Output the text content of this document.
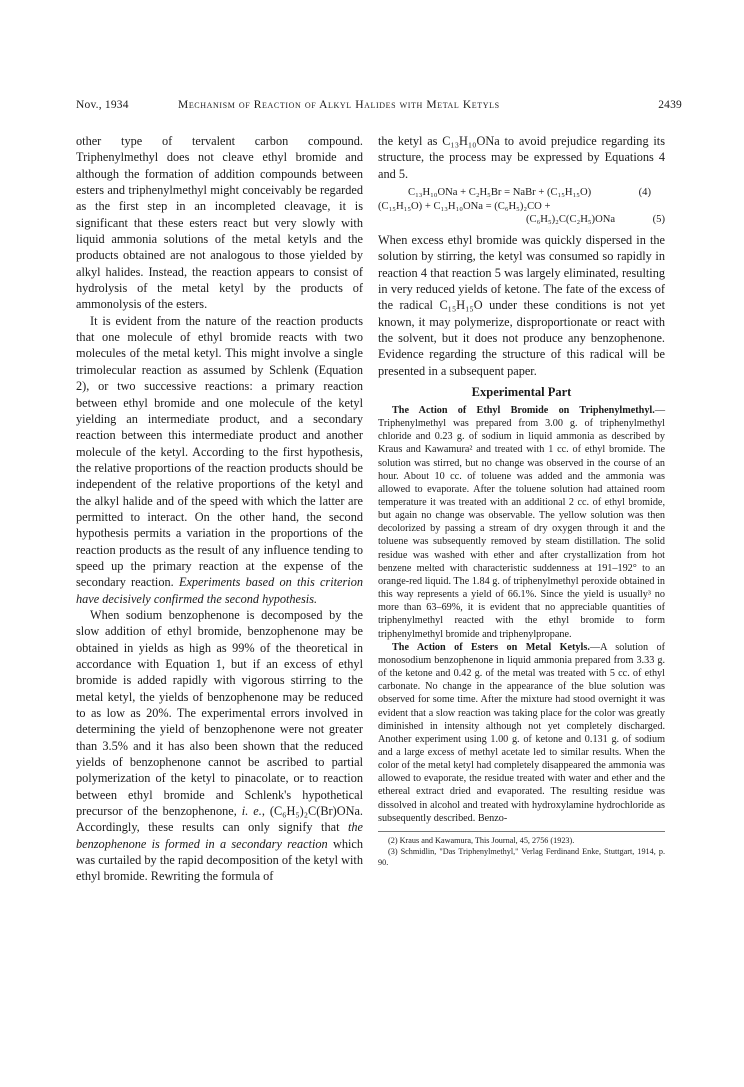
Nov., 1934	Mechanism of Reaction of Alkyl Halides with Metal Ketyls	2439

other type of tervalent carbon compound. Triphenylmethyl does not cleave ethyl bromide and although the formation of addition compounds between esters and triphenylmethyl might conceivably be regarded as the first step in an incompleted cleavage, it is significant that these esters react but very slowly with liquid ammonia solutions of the metal ketyls and the products obtained are not analogous to those yielded by alkyl halides. Instead, the reaction appears to consist of hydrolysis of the metal ketyl by the products of ammonolysis of the esters.

It is evident from the nature of the reaction products that one molecule of ethyl bromide reacts with two molecules of the metal ketyl. This might involve a single trimolecular reaction as assumed by Schlenk (Equation 2), or two successive reactions: a primary reaction between ethyl bromide and one molecule of the ketyl yielding an intermediate product, and a secondary reaction between this intermediate product and another molecule of the ketyl. According to the first hypothesis, the relative proportions of the reaction products should be independent of the relative proportions of the ketyl and the alkyl halide and of the speed with which the latter are permitted to interact. On the other hand, the second hypothesis permits a variation in the proportions of the reaction products as the result of any influence tending to speed up the primary reaction at the expense of the secondary reaction. Experiments based on this criterion have decisively confirmed the second hypothesis.

When sodium benzophenone is decomposed by the slow addition of ethyl bromide, benzophenone may be obtained in yields as high as 99% of the theoretical in accordance with Equation 1, but if an excess of ethyl bromide is added rapidly with vigorous stirring to the metal ketyl, the yields of benzophenone may be reduced to as low as 20%. The experimental errors involved in determining the yield of benzophenone were not greater than 3.5% and it has also been shown that the reduced yields of benzophenone cannot be ascribed to partial polymerization of the ketyl to pinacolate, or to reaction between ethyl bromide and Schlenk's hypothetical precursor of the benzophenone, i. e., (C₆H₅)₂C(Br)ONa. Accordingly, these results can only signify that the benzophenone is formed in a secondary reaction which was curtailed by the rapid decomposition of the ketyl with ethyl bromide. Rewriting the formula of

the ketyl as C₁₃H₁₀ONa to avoid prejudice regarding its structure, the process may be expressed by Equations 4 and 5.

C₁₃H₁₀ONa + C₂H₅Br = NaBr + (C₁₅H₁₅O)	(4)
(C₁₅H₁₅O) + C₁₃H₁₀ONa = (C₆H₅)₂CO +
(C₆H₅)₂C(C₂H₅)ONa	(5)

When excess ethyl bromide was quickly dispersed in the solution by stirring, the ketyl was consumed so rapidly in reaction 4 that reaction 5 was largely eliminated, resulting in very reduced yields of ketone. The fate of the excess of the radical C₁₅H₁₅O under these conditions is not yet known, it may polymerize, disproportionate or react with the solvent, but it does not produce any benzophenone. Evidence regarding the structure of this radical will be presented in a subsequent paper.

Experimental Part

The Action of Ethyl Bromide on Triphenylmethyl.—Triphenylmethyl was prepared from 3.00 g. of triphenylmethyl chloride and 0.23 g. of sodium in liquid ammonia as described by Kraus and Kawamura² and treated with 1 cc. of ethyl bromide. The solution was stirred, but no change was observed in the course of an hour. About 10 cc. of toluene was added and the ammonia was allowed to evaporate. After the toluene solution had attained room temperature it was treated with an additional 2 cc. of ethyl bromide, but again no change was observable. The yellow solution was then decolorized by passing a stream of dry oxygen through it and the toluene was subsequently removed by steam distillation. The solid residue was washed with ether and after crystallization from hot benzene melted with characteristic suddenness at 191–192° to an orange-red liquid. The 1.84 g. of triphenylmethyl peroxide obtained in this way represents a yield of 66.1%. Since the yield is usually³ no more than 63–69%, it is evident that no appreciable quantities of triphenylmethyl reacted with the ethyl bromide to form triphenylmethyl bromide and triphenylpropane.

The Action of Esters on Metal Ketyls.—A solution of monosodium benzophenone in liquid ammonia prepared from 3.33 g. of the ketone and 0.42 g. of the metal was treated with 5 cc. of ethyl carbonate. No change in the appearance of the blue solution was observed for some time. After the mixture had stood overnight it was evident that a slow reaction was taking place for the color was greatly diminished in intensity although not yet completely discharged. Another experiment using 1.00 g. of ketone and 0.131 g. of sodium and a large excess of methyl acetate led to similar results. When the color of the metal ketyl had completely disappeared the ammonia was allowed to evaporate, the residue treated with water and ether and the ethereal extract dried and evaporated. The resulting residue was dissolved in alcohol and treated with hydroxylamine hydrochloride as subsequently described. Benzo-

(2) Kraus and Kawamura, This Journal, 45, 2756 (1923).

(3) Schmidlin, "Das Triphenylmethyl," Verlag Ferdinand Enke, Stuttgart, 1914, p. 90.
